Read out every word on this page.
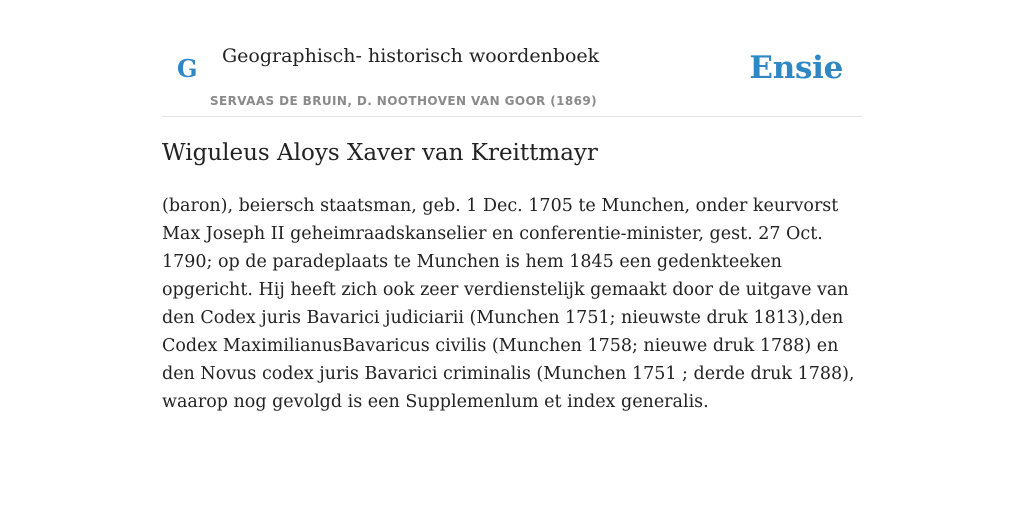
G Geographisch- historisch woordenboek
SERVAAS DE BRUIN, D. NOOTHOVEN VAN GOOR (1869)
Ensie
Wiguleus Aloys Xaver van Kreittmayr

(baron), beiersch staatsman, geb. 1 Dec. 1705 te Munchen, onder keurvorst Max Joseph II geheimraadskanselier en conferentie-minister, gest. 27 Oct. 1790; op de paradeplaats te Munchen is hem 1845 een gedenkteeken opgericht. Hij heeft zich ook zeer verdienstelijk gemaakt door de uitgave van den Codex juris Bavarici judiciarii (Munchen 1751; nieuwste druk 1813),den Codex MaximilianusBavaricus civilis (Munchen 1758; nieuwe druk 1788) en den Novus codex juris Bavarici criminalis (Munchen 1751 ; derde druk 1788), waarop nog gevolgd is een Supplemenlum et index generalis.
